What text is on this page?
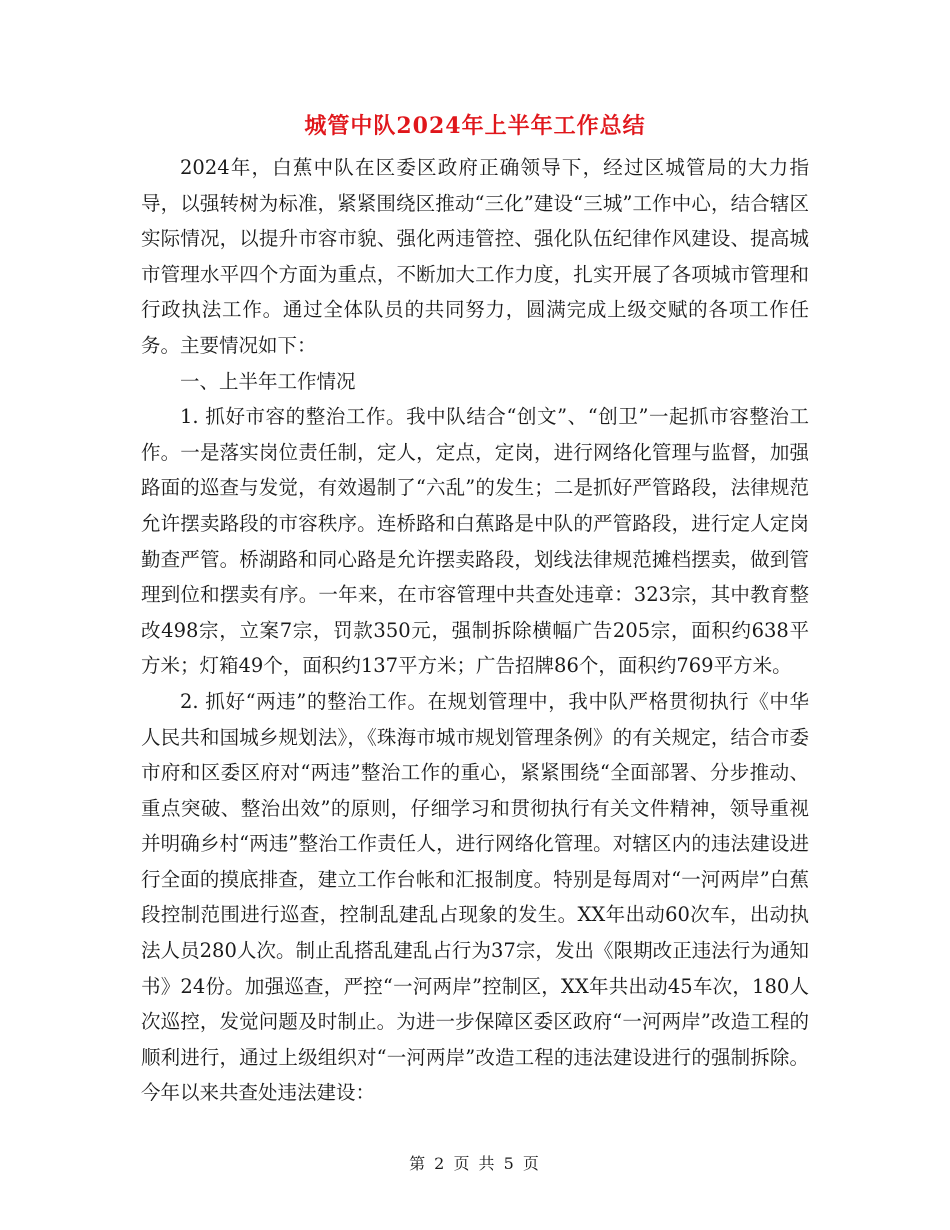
城管中队2024年上半年工作总结

2024年，白蕉中队在区委区政府正确领导下，经过区城管局的大力指导，以强转树为标准，紧紧围绕区推动“三化”建设“三城”工作中心，结合辖区实际情况，以提升市容市貌、强化两违管控、强化队伍纪律作风建设、提高城市管理水平四个方面为重点，不断加大工作力度，扎实开展了各项城市管理和行政执法工作。通过全体队员的共同努力，圆满完成上级交赋的各项工作任务。主要情况如下：

一、上半年工作情况

1. 抓好市容的整治工作。我中队结合“创文”、“创卫”一起抓市容整治工作。一是落实岗位责任制，定人，定点，定岗，进行网络化管理与监督，加强路面的巡查与发觉，有效遏制了“六乱”的发生；二是抓好严管路段，法律规范允许摆卖路段的市容秩序。连桥路和白蕉路是中队的严管路段，进行定人定岗勤查严管。桥湖路和同心路是允许摆卖路段，划线法律规范摊档摆卖，做到管理到位和摆卖有序。一年来，在市容管理中共查处违章：323宗，其中教育整改498宗，立案7宗，罚款350元，强制拆除横幅广告205宗，面积约638平方米；灯箱49个，面积约137平方米；广告招牌86个，面积约769平方米。

2. 抓好“两违”的整治工作。在规划管理中，我中队严格贯彻执行《中华人民共和国城乡规划法》，《珠海市城市规划管理条例》的有关规定，结合市委市府和区委区府对“两违”整治工作的重心，紧紧围绕“全面部署、分步推动、重点突破、整治出效”的原则，仔细学习和贯彻执行有关文件精神，领导重视并明确乡村“两违”整治工作责任人，进行网络化管理。对辖区内的违法建设进行全面的摸底排查，建立工作台帐和汇报制度。特别是每周对“一河两岸”白蕉段控制范围进行巡查，控制乱建乱占现象的发生。XX年出动60次车，出动执法人员280人次。制止乱搭乱建乱占行为37宗，发出《限期改正违法行为通知书》24份。加强巡查，严控“一河两岸”控制区，XX年共出动45车次，180人次巡控，发觉问题及时制止。为进一步保障区委区政府“一河两岸”改造工程的顺利进行，通过上级组织对“一河两岸”改造工程的违法建设进行的强制拆除。今年以来共查处违法建设：

第 2 页 共 5 页
